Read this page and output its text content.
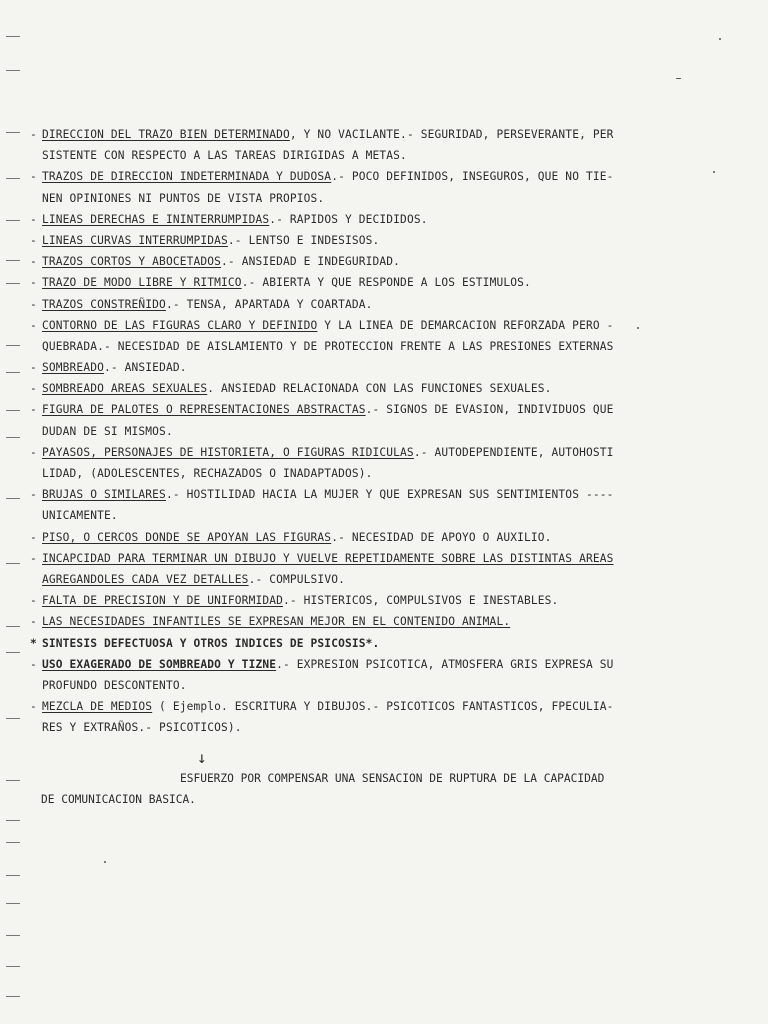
-DIRECCION DEL TRAZO BIEN DETERMINADO, Y NO VACILANTE.- SEGURIDAD, PERSEVERANTE, PER
SISTENTE CON RESPECTO A LAS TAREAS DIRIGIDAS A METAS.
-TRAZOS DE DIRECCION INDETERMINADA Y DUDOSA.- POCO DEFINIDOS, INSEGUROS, QUE NO TIE-
NEN OPINIONES NI PUNTOS DE VISTA PROPIOS.
-LINEAS DERECHAS E ININTERRUMPIDAS.- RAPIDOS Y DECIDIDOS.
-LINEAS CURVAS INTERRUMPIDAS.- LENTSO E INDESISOS.
-TRAZOS CORTOS Y ABOCETADOS.- ANSIEDAD E INDEGURIDAD.
-TRAZO DE MODO LIBRE Y RITMICO.- ABIERTA Y QUE RESPONDE A LOS ESTIMULOS.
-TRAZOS CONSTREÑIDO.- TENSA, APARTADA Y COARTADA.
-CONTORNO DE LAS FIGURAS CLARO Y DEFINIDO Y LA LINEA DE DEMARCACION REFORZADA PERO -
QUEBRADA.- NECESIDAD DE AISLAMIENTO Y DE PROTECCION FRENTE A LAS PRESIONES EXTERNAS
-SOMBREADO.- ANSIEDAD.
-SOMBREADO AREAS SEXUALES. ANSIEDAD RELACIONADA CON LAS FUNCIONES SEXUALES.
-FIGURA DE PALOTES O REPRESENTACIONES ABSTRACTAS.- SIGNOS DE EVASION, INDIVIDUOS QUE
DUDAN DE SI MISMOS.
-PAYASOS, PERSONAJES DE HISTORIETA, O FIGURAS RIDICULAS.- AUTODEPENDIENTE, AUTOHOSTI
LIDAD, (ADOLESCENTES, RECHAZADOS O INADAPTADOS).
-BRUJAS O SIMILARES.- HOSTILIDAD HACIA LA MUJER Y QUE EXPRESAN SUS SENTIMIENTOS ----
UNICAMENTE.
-PISO, O CERCOS DONDE SE APOYAN LAS FIGURAS.- NECESIDAD DE APOYO O AUXILIO.
-INCAPCIDAD PARA TERMINAR UN DIBUJO Y VUELVE REPETIDAMENTE SOBRE LAS DISTINTAS AREAS
AGREGANDOLES CADA VEZ DETALLES.- COMPULSIVO.
-FALTA DE PRECISION Y DE UNIFORMIDAD.- HISTERICOS, COMPULSIVOS E INESTABLES.
-LAS NECESIDADES INFANTILES SE EXPRESAN MEJOR EN EL CONTENIDO ANIMAL.
*SINTESIS DEFECTUOSA Y OTROS INDICES DE PSICOSIS*.
-USO EXAGERADO DE SOMBREADO Y TIZNE.- EXPRESION PSICOTICA, ATMOSFERA GRIS EXPRESA SU
PROFUNDO DESCONTENTO.
-MEZCLA DE MEDIOS ( Ejemplo. ESCRITURA Y DIBUJOS.- PSICOTICOS FANTASTICOS, FPECULIA-
RES Y EXTRAÑOS.- PSICOTICOS).
↓
ESFUERZO POR COMPENSAR UNA SENSACION DE RUPTURA DE LA CAPACIDAD
DE COMUNICACION BASICA.
